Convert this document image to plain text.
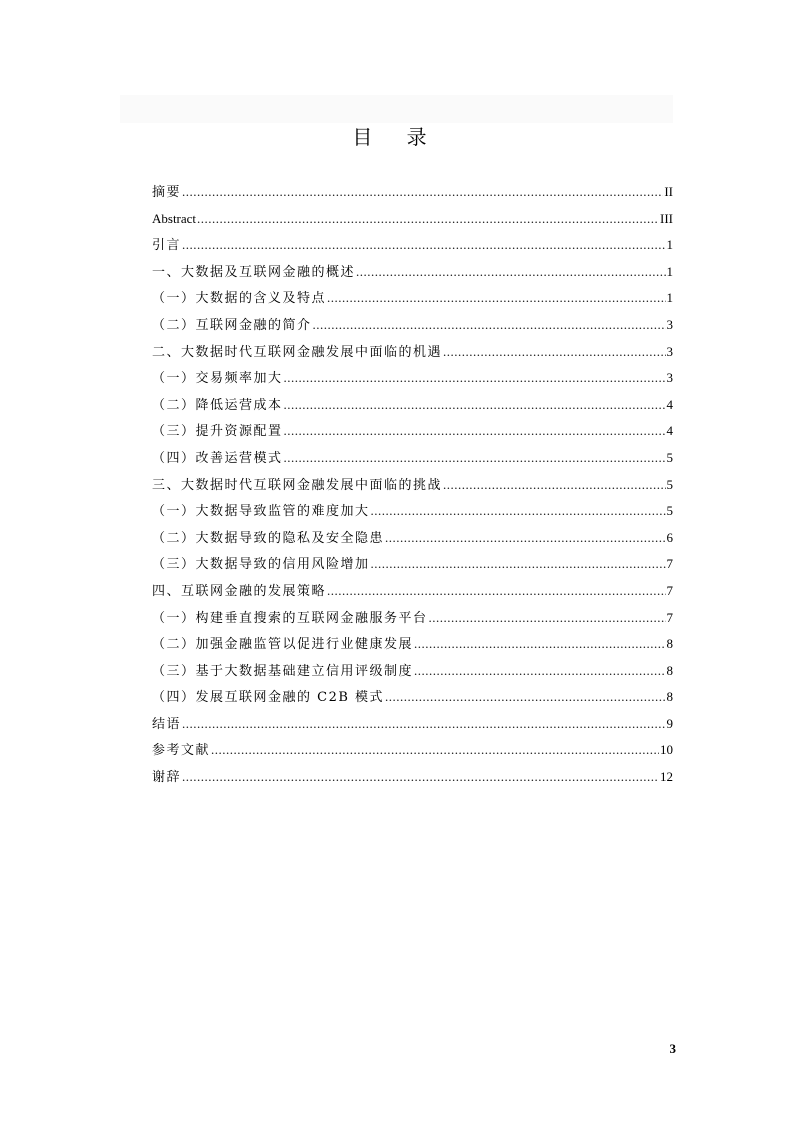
目 录
摘要 .....	II
Abstract .....	III
引言 .....	1
一、大数据及互联网金融的概述 .....	1
（一）大数据的含义及特点 .....	1
（二）互联网金融的简介 .....	3
二、大数据时代互联网金融发展中面临的机遇 .....	3
（一）交易频率加大 .....	3
（二）降低运营成本 .....	4
（三）提升资源配置 .....	4
（四）改善运营模式 .....	5
三、大数据时代互联网金融发展中面临的挑战 .....	5
（一）大数据导致监管的难度加大 .....	5
（二）大数据导致的隐私及安全隐患 .....	6
（三）大数据导致的信用风险增加 .....	7
四、互联网金融的发展策略 .....	7
（一）构建垂直搜索的互联网金融服务平台 .....	7
（二）加强金融监管以促进行业健康发展 .....	8
（三）基于大数据基础建立信用评级制度 .....	8
（四）发展互联网金融的 C2B 模式 .....	8
结语 .....	9
参考文献 .....	10
谢辞 .....	12
3
